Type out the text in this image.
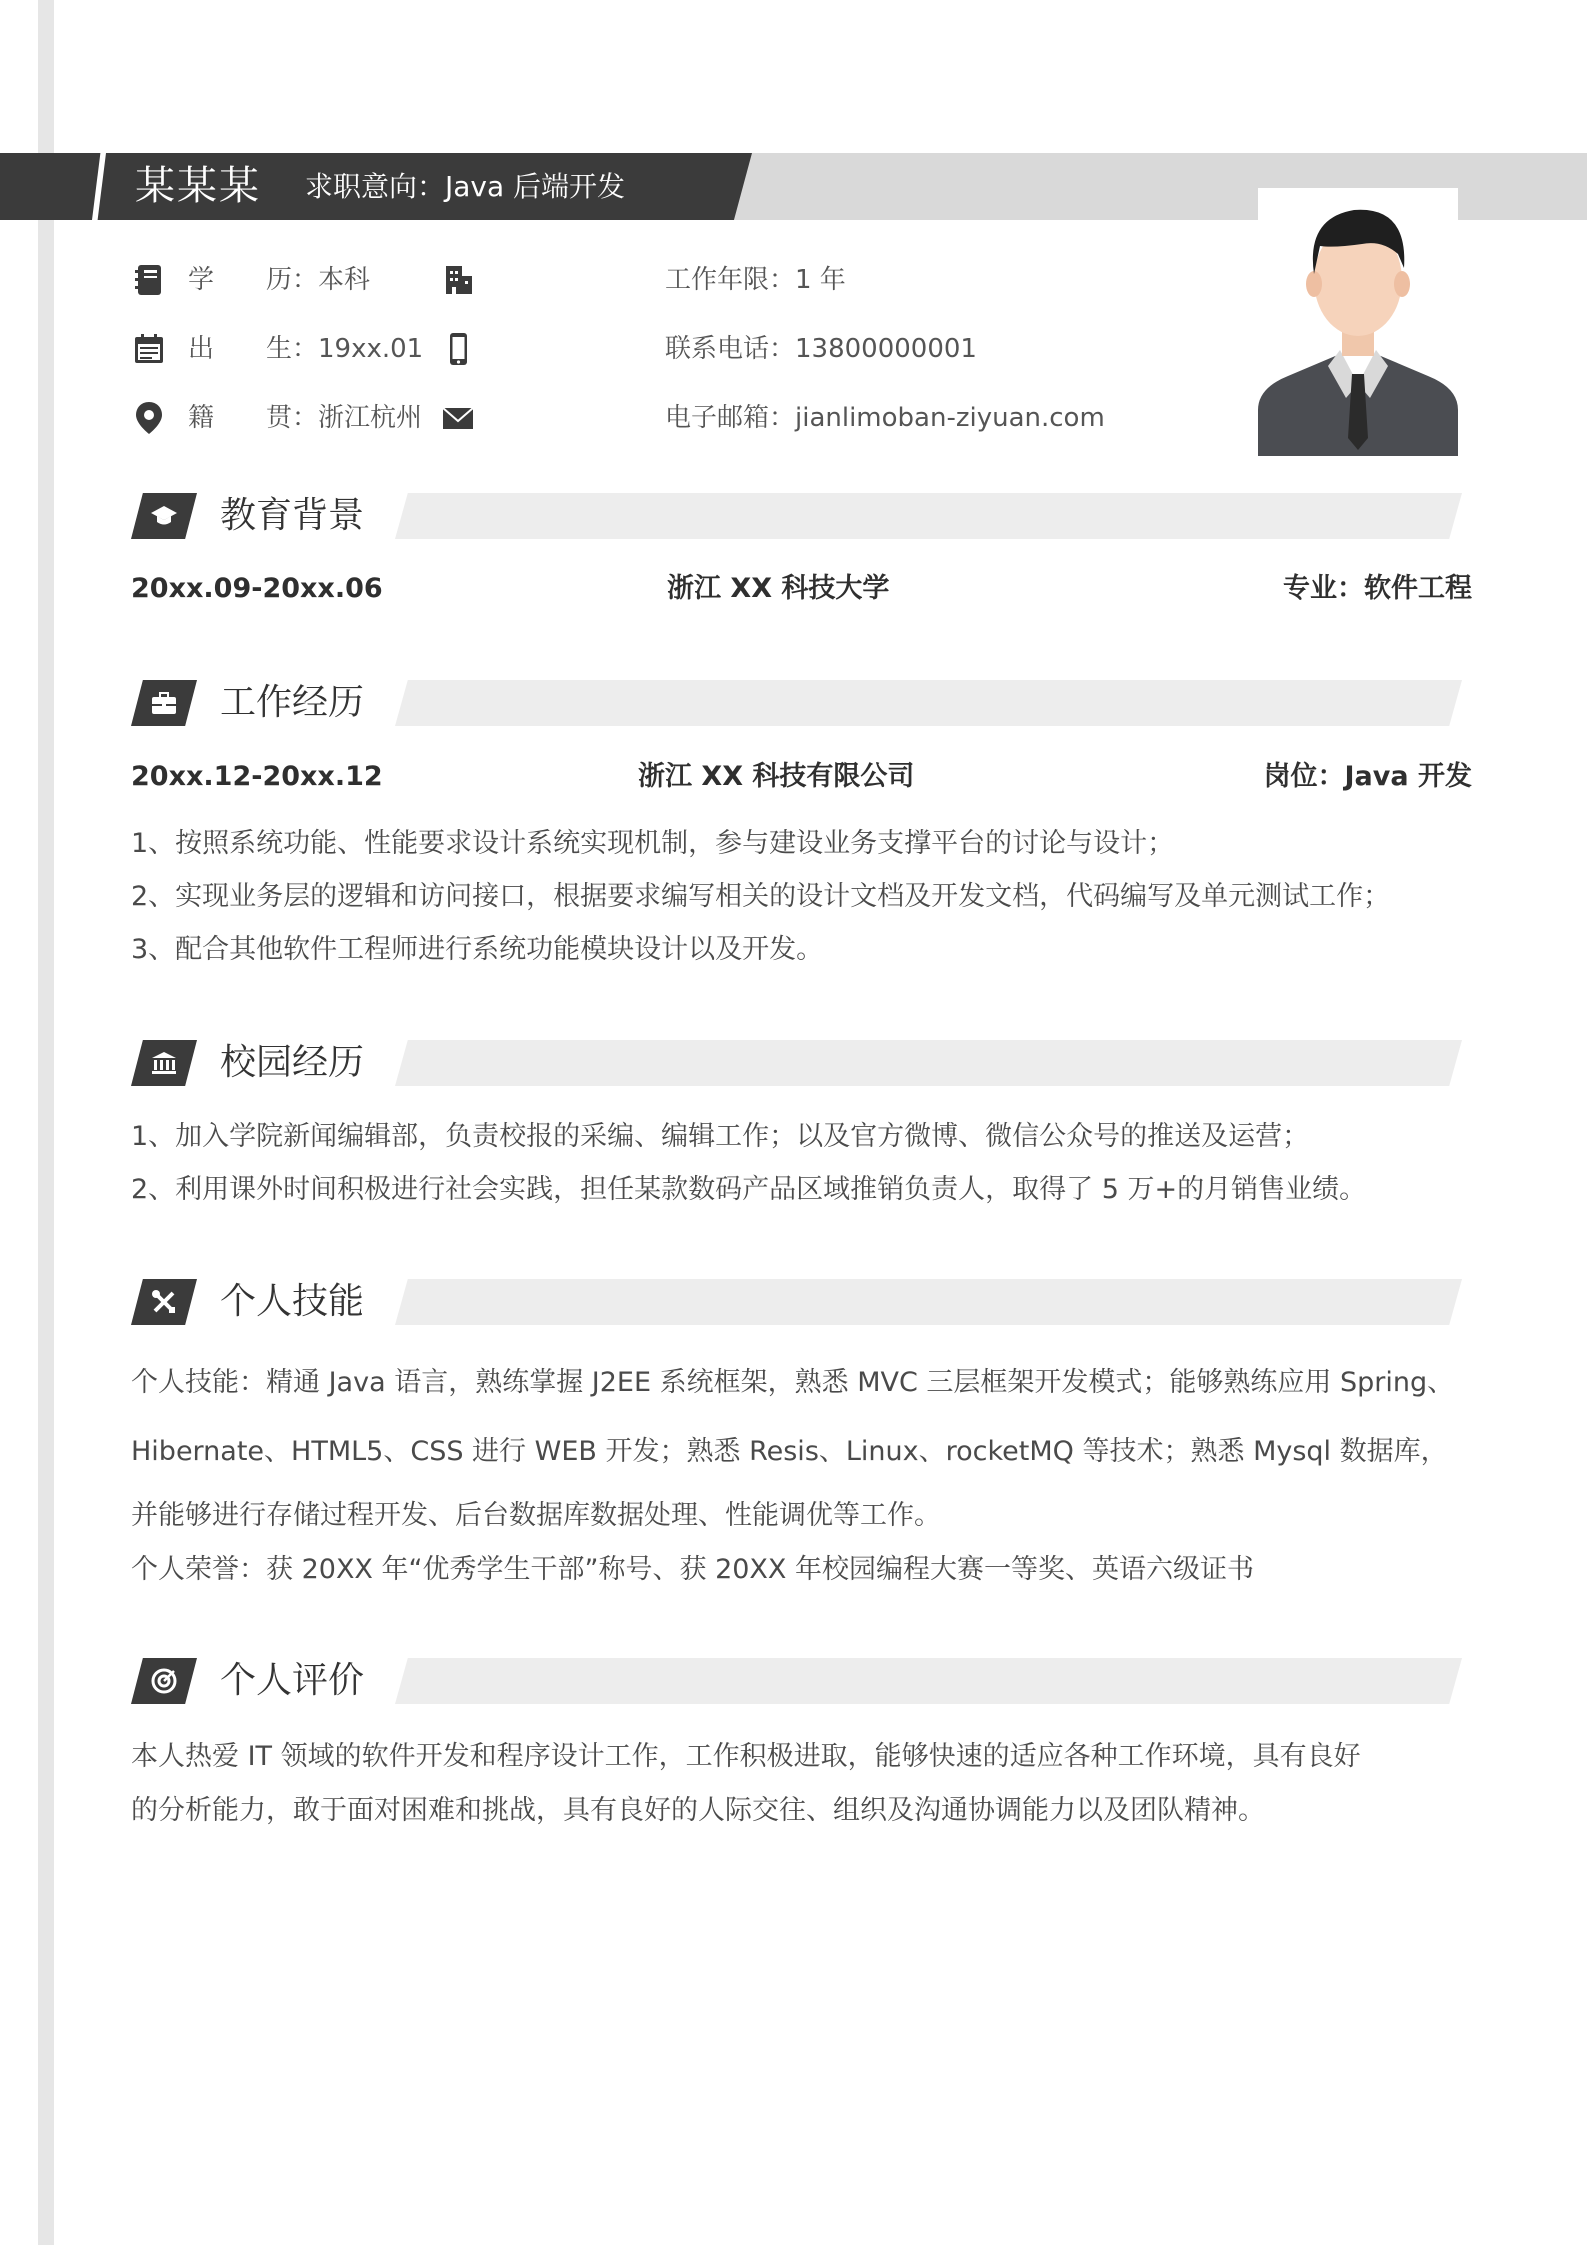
某某某 求职意向：Java 后端开发
学　　历：本科	工作年限：1 年
出　　生：19xx.01	联系电话：13800000001
籍　　贯：浙江杭州	电子邮箱：jianlimoban-ziyuan.com
教育背景
20xx.09-20xx.06	浙江 XX 科技大学	专业：软件工程
工作经历
20xx.12-20xx.12	浙江 XX 科技有限公司	岗位：Java 开发
1、按照系统功能、性能要求设计系统实现机制，参与建设业务支撑平台的讨论与设计；
2、实现业务层的逻辑和访问接口，根据要求编写相关的设计文档及开发文档，代码编写及单元测试工作；
3、配合其他软件工程师进行系统功能模块设计以及开发。
校园经历
1、加入学院新闻编辑部，负责校报的采编、编辑工作；以及官方微博、微信公众号的推送及运营；
2、利用课外时间积极进行社会实践，担任某款数码产品区域推销负责人，取得了 5 万+的月销售业绩。
个人技能
个人技能：精通 Java 语言，熟练掌握 J2EE 系统框架，熟悉 MVC 三层框架开发模式；能够熟练应用 Spring、
Hibernate、HTML5、CSS 进行 WEB 开发；熟悉 Resis、Linux、rocketMQ 等技术；熟悉 Mysql 数据库，
并能够进行存储过程开发、后台数据库数据处理、性能调优等工作。
个人荣誉：获 20XX 年“优秀学生干部”称号、获 20XX 年校园编程大赛一等奖、英语六级证书
个人评价
本人热爱 IT 领域的软件开发和程序设计工作，工作积极进取，能够快速的适应各种工作环境，具有良好
的分析能力，敢于面对困难和挑战，具有良好的人际交往、组织及沟通协调能力以及团队精神。
